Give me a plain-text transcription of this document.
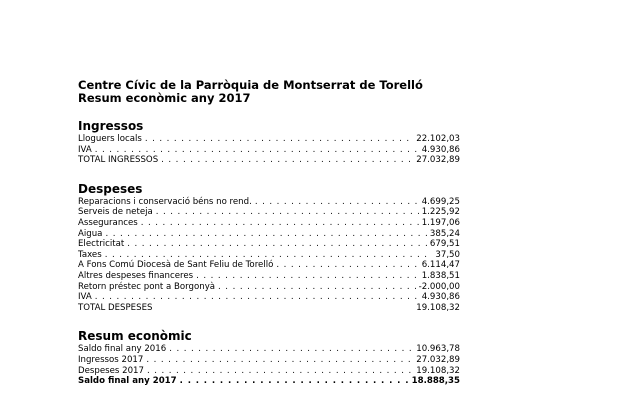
Centre Cívic de la Parròquia de Montserrat de Torelló
Resum econòmic any 2017
Ingressos
Lloguers locals . . .	22.102,03
IVA . . .	4.930,86
TOTAL INGRESSOS . . .	27.032,89
Despeses
Reparacions i conservació béns no rend. . . .	4.699,25
Serveis de neteja . . .	1.225,92
Assegurances . . .	1.197,06
Aigua . . .	385,24
Electricitat . . .	679,51
Taxes . . .	37,50
A Fons Comú Diocesà de Sant Feliu de Torelló . . .	6.114,47
Altres despeses financeres . . .	1.838,51
Retorn préstec pont a Borgonyà . . .	-2.000,00
IVA . . .	4.930,86
TOTAL DESPESES	19.108,32
Resum econòmic
Saldo final any 2016 . . .	10.963,78
Ingressos 2017 . . .	27.032,89
Despeses 2017 . . .	19.108,32
Saldo final any 2017 . . .	18.888,35
